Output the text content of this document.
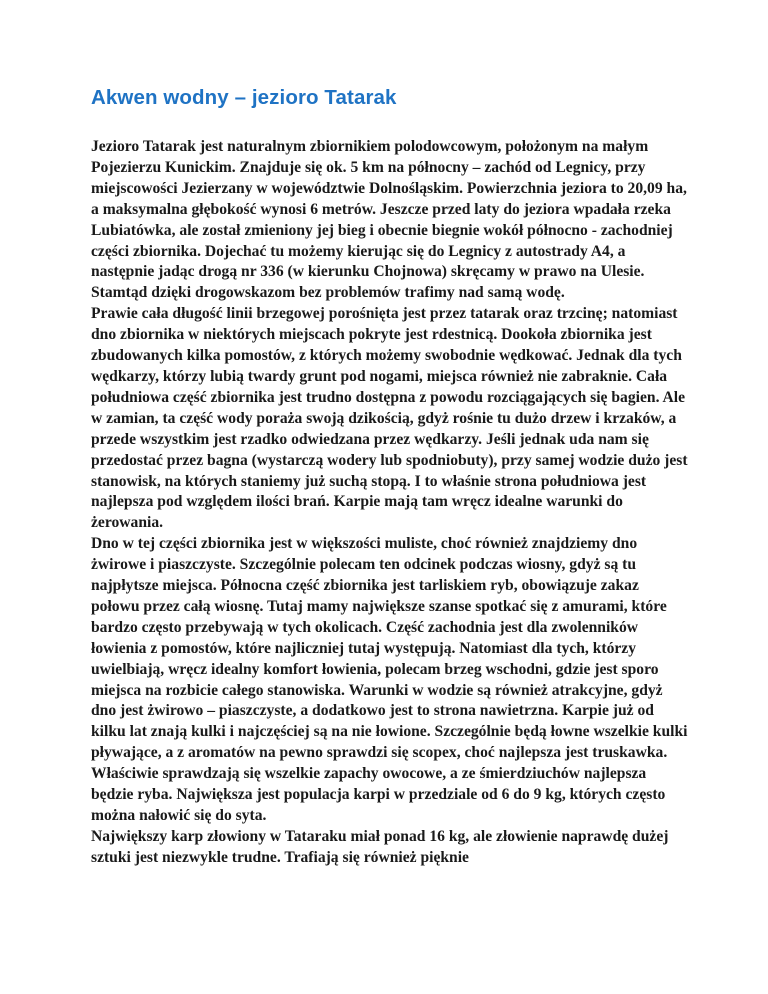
Akwen wodny – jezioro Tatarak

Jezioro Tatarak jest naturalnym zbiornikiem polodowcowym, położonym na małym Pojezierzu Kunickim. Znajduje się ok. 5 km na północny – zachód od Legnicy, przy miejscowości Jezierzany w województwie Dolnośląskim. Powierzchnia jeziora to 20,09 ha, a maksymalna głębokość wynosi 6 metrów. Jeszcze przed laty do jeziora wpadała rzeka Lubiatówka, ale został zmieniony jej bieg i obecnie biegnie wokół północno - zachodniej części zbiornika. Dojechać tu możemy kierując się do Legnicy z autostrady A4, a następnie jadąc drogą nr 336 (w kierunku Chojnowa) skręcamy w prawo na Ulesie. Stamtąd dzięki drogowskazom bez problemów trafimy nad samą wodę.

Prawie cała długość linii brzegowej porośnięta jest przez tatarak oraz trzcinę; natomiast dno zbiornika w niektórych miejscach pokryte jest rdestnicą. Dookoła zbiornika jest zbudowanych kilka pomostów, z których możemy swobodnie wędkować. Jednak dla tych wędkarzy, którzy lubią twardy grunt pod nogami, miejsca również nie zabraknie. Cała południowa część zbiornika jest trudno dostępna z powodu rozciągających się bagien. Ale w zamian, ta część wody poraża swoją dzikością, gdyż rośnie tu dużo drzew i krzaków, a przede wszystkim jest rzadko odwiedzana przez wędkarzy. Jeśli jednak uda nam się przedostać przez bagna (wystarczą wodery lub spodniobuty), przy samej wodzie dużo jest stanowisk, na których staniemy już suchą stopą. I to właśnie strona południowa jest najlepsza pod względem ilości brań. Karpie mają tam wręcz idealne warunki do żerowania.

Dno w tej części zbiornika jest w większości muliste, choć również znajdziemy dno żwirowe i piaszczyste. Szczególnie polecam ten odcinek podczas wiosny, gdyż są tu najpłytsze miejsca. Północna część zbiornika jest tarliskiem ryb, obowiązuje zakaz połowu przez całą wiosnę. Tutaj mamy największe szanse spotkać się z amurami, które bardzo często przebywają w tych okolicach. Część zachodnia jest dla zwolenników łowienia z pomostów, które najliczniej tutaj występują. Natomiast dla tych, którzy uwielbiają, wręcz idealny komfort łowienia, polecam brzeg wschodni, gdzie jest sporo miejsca na rozbicie całego stanowiska. Warunki w wodzie są również atrakcyjne, gdyż dno jest żwirowo – piaszczyste, a dodatkowo jest to strona nawietrzna. Karpie już od kilku lat znają kulki i najczęściej są na nie łowione. Szczególnie będą łowne wszelkie kulki pływające, a z aromatów na pewno sprawdzi się scopex, choć najlepsza jest truskawka. Właściwie sprawdzają się wszelkie zapachy owocowe, a ze śmierdziuchów najlepsza będzie ryba. Największa jest populacja karpi w przedziale od 6 do 9 kg, których często można nałowić się do syta.

Największy karp złowiony w Tataraku miał ponad 16 kg, ale złowienie naprawdę dużej sztuki jest niezwykle trudne. Trafiają się również pięknie
